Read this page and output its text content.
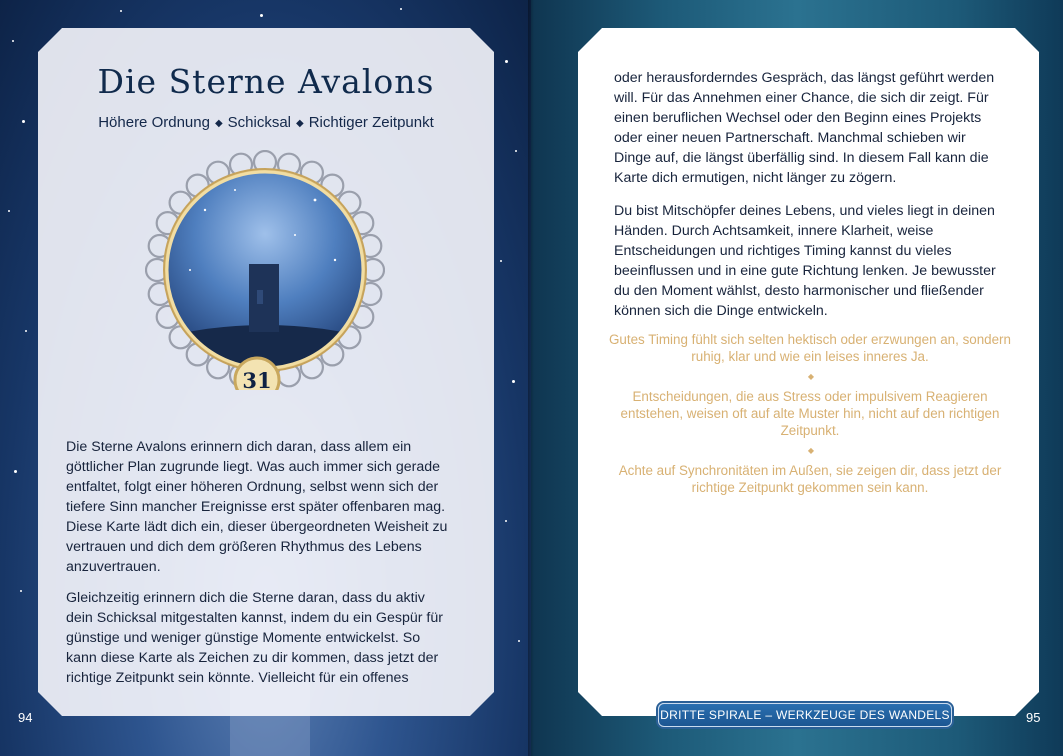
Die Sterne Avalons

Höhere Ordnung ◆ Schicksal ◆ Richtiger Zeitpunkt

31

Die Sterne Avalons erinnern dich daran, dass allem ein göttlicher Plan zugrunde liegt. Was auch immer sich gerade entfaltet, folgt einer höheren Ordnung, selbst wenn sich der tiefere Sinn mancher Ereignisse erst später offenbaren mag. Diese Karte lädt dich ein, dieser übergeordneten Weisheit zu vertrauen und dich dem größeren Rhythmus des Lebens anzuvertrauen.

Gleichzeitig erinnern dich die Sterne daran, dass du aktiv dein Schicksal mitgestalten kannst, indem du ein Gespür für günstige und weniger günstige Momente entwickelst. So kann diese Karte als Zeichen zu dir kommen, dass jetzt der richtige Zeitpunkt sein könnte. Vielleicht für ein offenes

oder herausforderndes Gespräch, das längst geführt werden will. Für das Annehmen einer Chance, die sich dir zeigt. Für einen beruflichen Wechsel oder den Beginn eines Projekts oder einer neuen Partnerschaft. Manchmal schieben wir Dinge auf, die längst überfällig sind. In diesem Fall kann die Karte dich ermutigen, nicht länger zu zögern.

Du bist Mitschöpfer deines Lebens, und vieles liegt in deinen Händen. Durch Achtsamkeit, innere Klarheit, weise Entscheidungen und richtiges Timing kannst du vieles beeinflussen und in eine gute Richtung lenken. Je bewusster du den Moment wählst, desto harmonischer und fließender können sich die Dinge entwickeln.

Gutes Timing fühlt sich selten hektisch oder erzwungen an, sondern ruhig, klar und wie ein leises inneres Ja.

◆

Entscheidungen, die aus Stress oder impulsivem Reagieren entstehen, weisen oft auf alte Muster hin, nicht auf den richtigen Zeitpunkt.

◆

Achte auf Synchronitäten im Außen, sie zeigen dir, dass jetzt der richtige Zeitpunkt gekommen sein kann.

94	DRITTE SPIRALE – WERKZEUGE DES WANDELS	95
